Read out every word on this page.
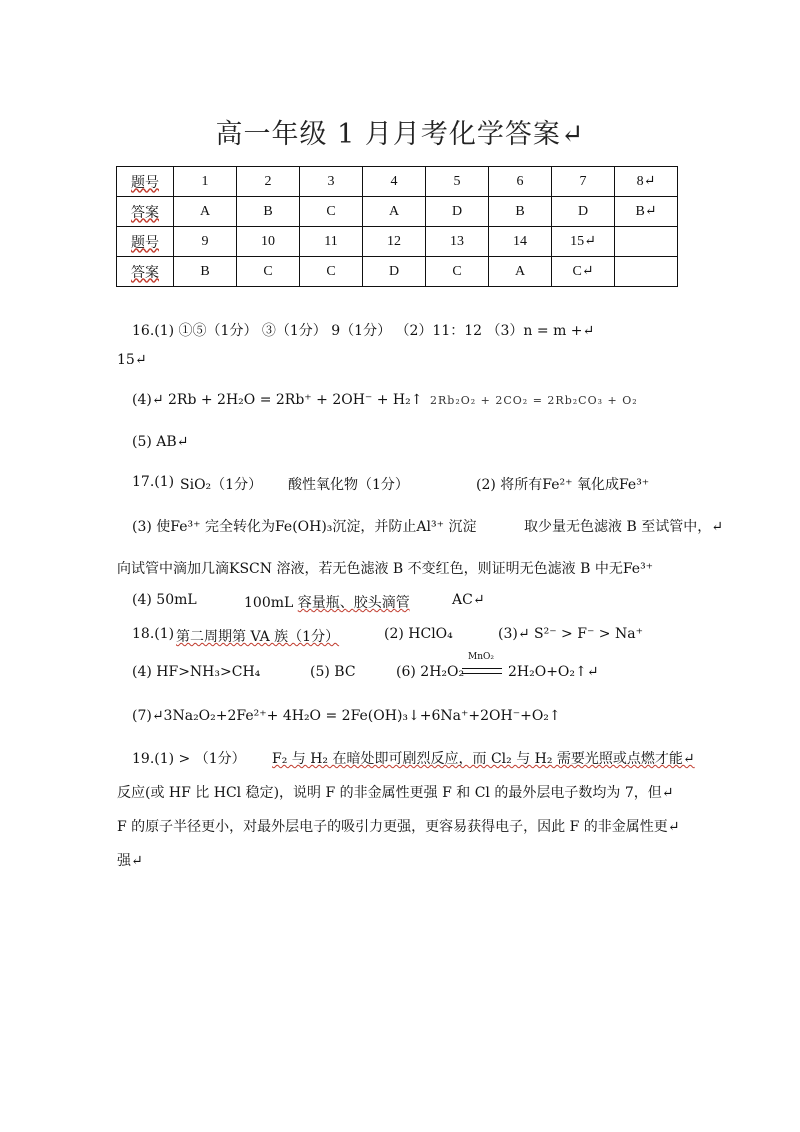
高一年级 1 月月考化学答案↵
题号	1	2	3	4	5	6	7	8↵
答案	A	B	C	A	D	B	D	B↵
题号	9	10	11	12	13	14	15↵	
答案	B	C	C	D	C	A	C↵	
16.(1) ①⑤（1分） ③（1分） 9（1分） （2）11：12 （3）n = m +↵
15↵
(4)↵ 2Rb + 2H₂O = 2Rb⁺ + 2OH⁻ + H₂↑ 2Rb₂O₂ + 2CO₂ = 2Rb₂CO₃ + O₂
(5) AB↵
17.(1) SiO₂（1分） 酸性氧化物（1分）	(2) 将所有Fe²⁺ 氧化成Fe³⁺
(3) 使Fe³⁺ 完全转化为Fe(OH)₃沉淀，并防止Al³⁺ 沉淀	取少量无色滤液 B 至试管中，↵
向试管中滴加几滴KSCN 溶液，若无色滤液 B 不变红色，则证明无色滤液 B 中无Fe³⁺
(4) 50mL	100mL 容量瓶、胶头滴管	AC↵
18.(1) 第二周期第 VA 族（1分）	(2) HClO₄	(3)↵ S²⁻ > F⁻ > Na⁺
(4) HF>NH₃>CH₄	(5) BC	(6) 2H₂O₂
MnO₂
2H₂O+O₂↑↵
(7)↵3Na₂O₂+2Fe²⁺+ 4H₂O = 2Fe(OH)₃↓+6Na⁺+2OH⁻+O₂↑
19.(1) > （1分） F₂ 与 H₂ 在暗处即可剧烈反应，而 Cl₂ 与 H₂ 需要光照或点燃才能↵
反应(或 HF 比 HCl 稳定)，说明 F 的非金属性更强 F 和 Cl 的最外层电子数均为 7，但↵
F 的原子半径更小，对最外层电子的吸引力更强，更容易获得电子，因此 F 的非金属性更↵
强↵
